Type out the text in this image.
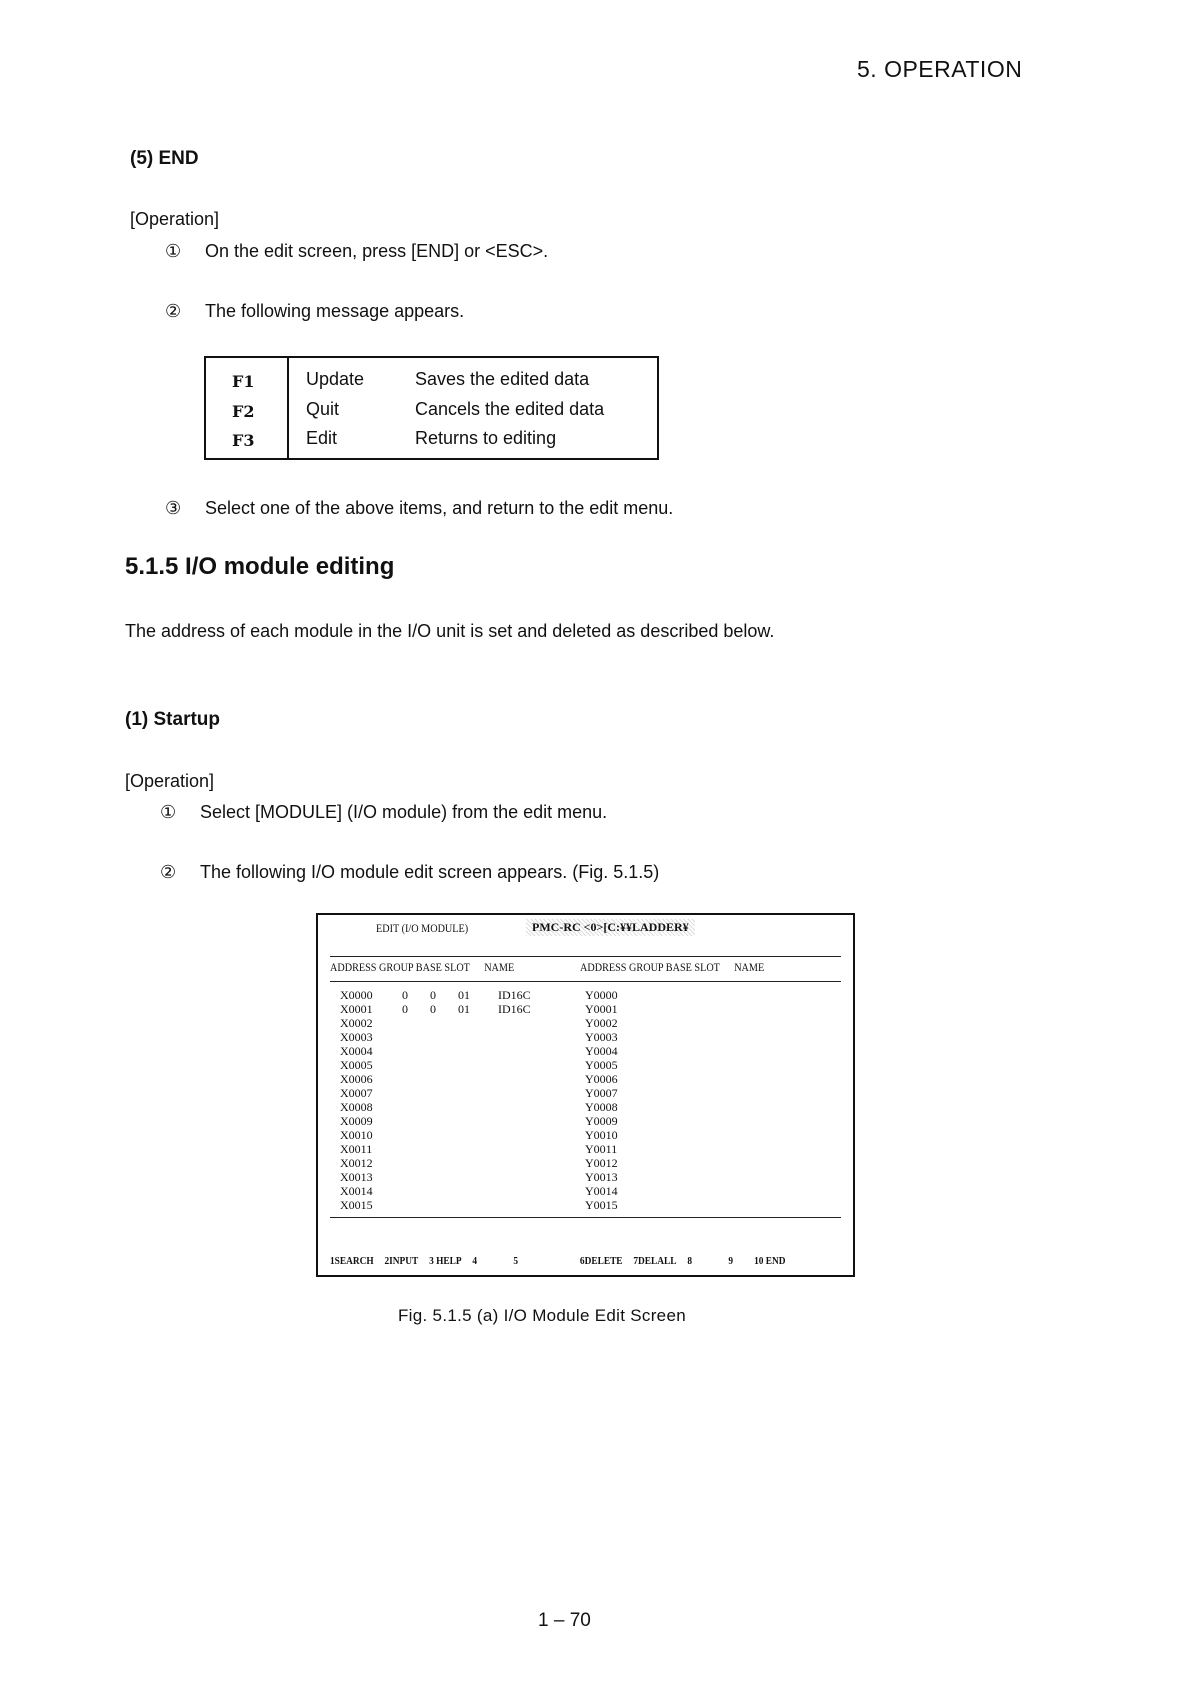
5. OPERATION
(5) END
[Operation]
① On the edit screen, press [END] or <ESC>.
② The following message appears.
F1	Update	Saves the edited data
F2	Quit	Cancels the edited data
F3	Edit	Returns to editing
③ Select one of the above items, and return to the edit menu.
5.1.5 I/O module editing
The address of each module in the I/O unit is set and deleted as described below.
(1) Startup
[Operation]
① Select [MODULE] (I/O module) from the edit menu.
② The following I/O module edit screen appears. (Fig. 5.1.5)
EDIT (I/O MODULE)	PMC-RC <0>[C:¥¥LADDER¥
ADDRESS GROUP BASE SLOT NAME	ADDRESS GROUP BASE SLOT NAME
X0000 0 0 01 ID16C	Y0000
X0001 0 0 01 ID16C	Y0001
X0002	Y0002
X0003	Y0003
X0004	Y0004
X0005	Y0005
X0006	Y0006
X0007	Y0007
X0008	Y0008
X0009	Y0009
X0010	Y0010
X0011	Y0011
X0012	Y0012
X0013	Y0013
X0014	Y0014
X0015	Y0015
1SEARCH 2INPUT 3 HELP 4	5	6DELETE 7DELALL 8	9 10 END
Fig. 5.1.5 (a) I/O Module Edit Screen
1 – 70
